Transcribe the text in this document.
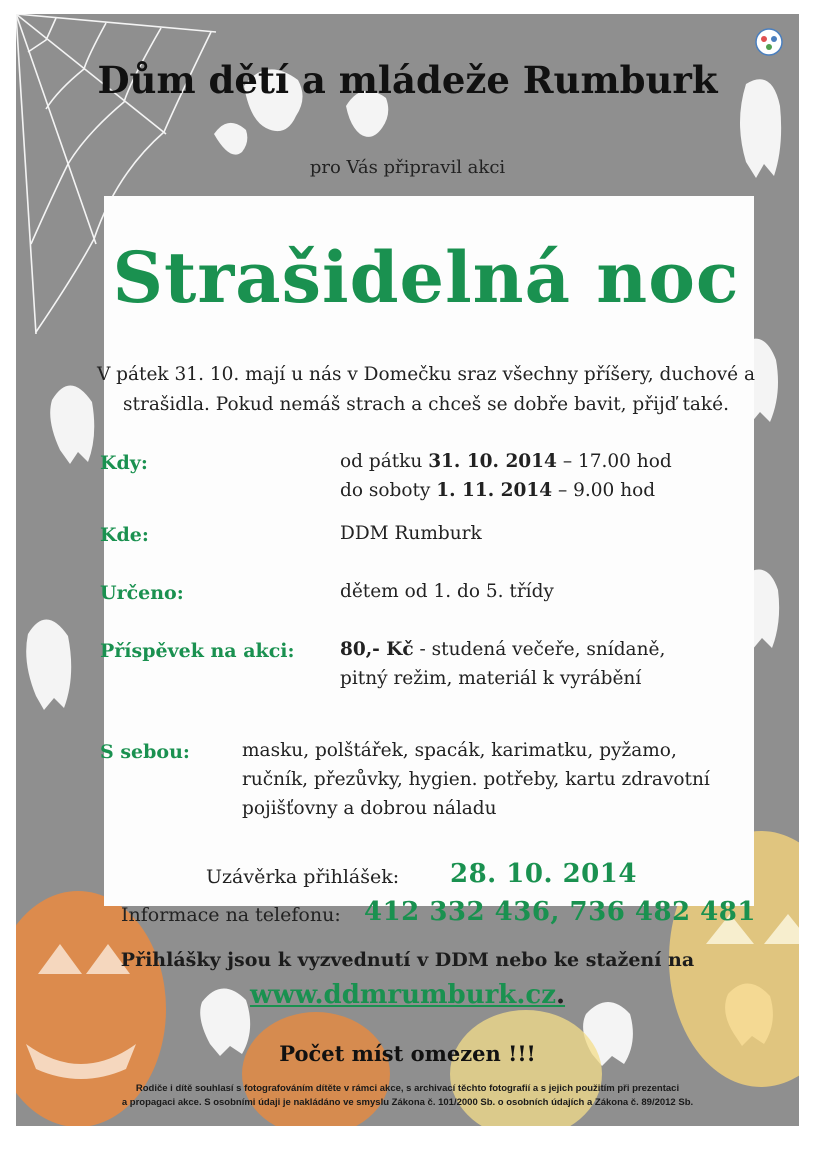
Dům dětí a mládeže Rumburk

pro Vás připravil akci

Strašidelná noc
V pátek 31. 10. mají u nás v Domečku sraz všechny příšery, duchové a
strašidla. Pokud nemáš strach a chceš se dobře bavit, přijď také.
Kdy:	od pátku 31. 10. 2014 – 17.00 hod
do soboty 1. 11. 2014 – 9.00 hod
Kde:	DDM Rumburk
Určeno:	dětem od 1. do 5. třídy
Příspěvek na akci: 80,- Kč - studená večeře, snídaně,
pitný režim, materiál k vyrábění
S sebou:	masku, polštářek, spacák, karimatku, pyžamo,
ručník, přezůvky, hygien. potřeby, kartu zdravotní
pojišťovny a dobrou náladu
Uzávěrka přihlášek: 28. 10. 2014
Informace na telefonu: 412 332 436, 736 482 481
Přihlášky jsou k vyzvednutí v DDM nebo ke stažení na
www.ddmrumburk.cz.
Počet míst omezen !!!
Rodiče i dítě souhlasí s fotografováním dítěte v rámci akce, s archivací těchto fotografií a s jejich použitím při prezentaci
a propagaci akce. S osobními údaji je nakládáno ve smyslu Zákona č. 101/2000 Sb. o osobních údajích a Zákona č. 89/2012 Sb.
